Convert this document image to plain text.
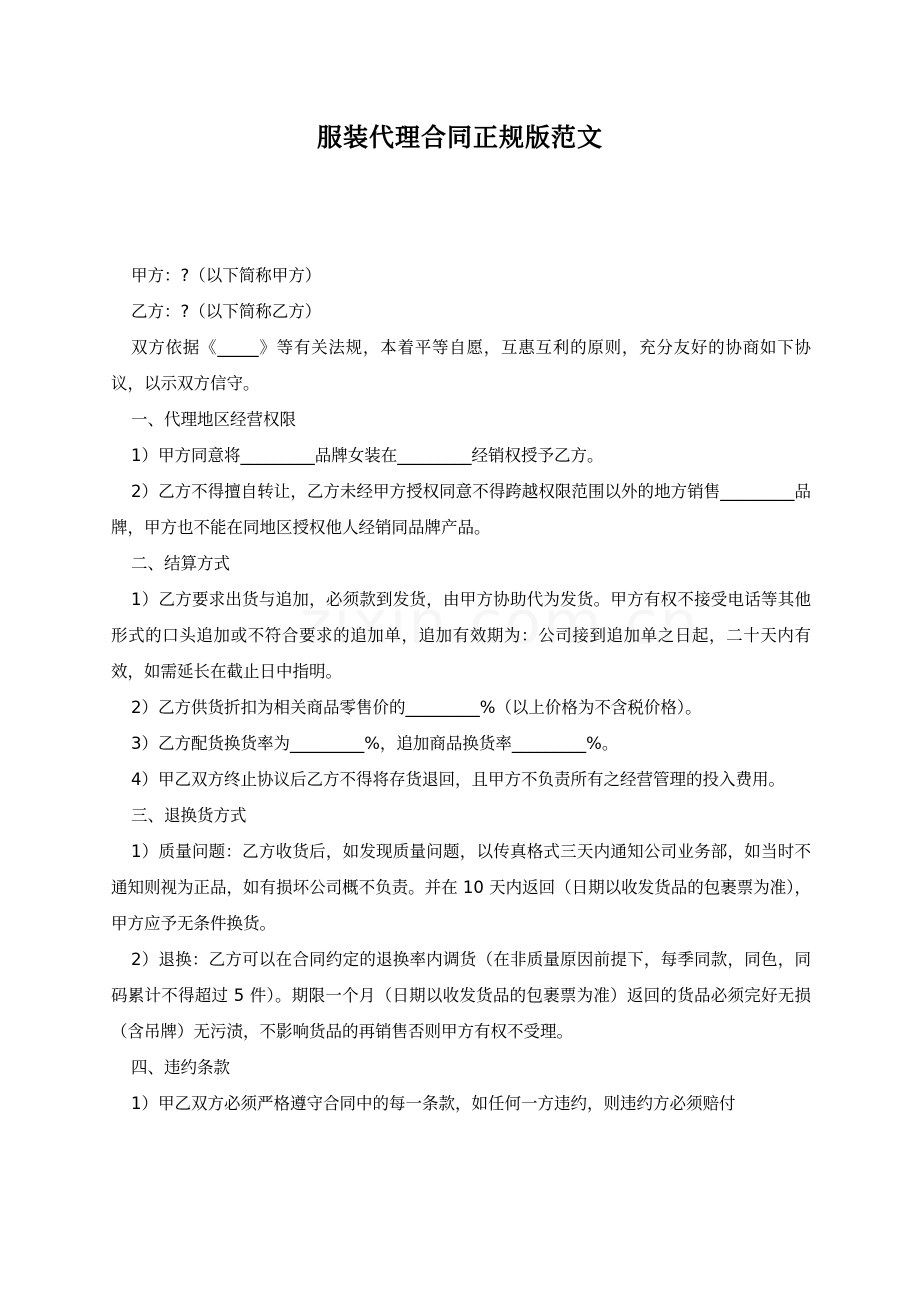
服装代理合同正规版范文

甲方：?（以下简称甲方）

乙方：?（以下简称乙方）

双方依据《_____》等有关法规，本着平等自愿，互惠互利的原则，充分友好的协商如下协议，以示双方信守。

一、代理地区经营权限

1）甲方同意将_________品牌女装在_________经销权授予乙方。

2）乙方不得擅自转让，乙方未经甲方授权同意不得跨越权限范围以外的地方销售_________品牌，甲方也不能在同地区授权他人经销同品牌产品。

二、结算方式

1）乙方要求出货与追加，必须款到发货，由甲方协助代为发货。甲方有权不接受电话等其他形式的口头追加或不符合要求的追加单，追加有效期为：公司接到追加单之日起，二十天内有效，如需延长在截止日中指明。

2）乙方供货折扣为相关商品零售价的_________%（以上价格为不含税价格）。

3）乙方配货换货率为_________%，追加商品换货率_________%。

4）甲乙双方终止协议后乙方不得将存货退回，且甲方不负责所有之经营管理的投入费用。

三、退换货方式

1）质量问题：乙方收货后，如发现质量问题，以传真格式三天内通知公司业务部，如当时不通知则视为正品，如有损坏公司概不负责。并在 10 天内返回（日期以收发货品的包裹票为准），甲方应予无条件换货。

2）退换：乙方可以在合同约定的退换率内调货（在非质量原因前提下，每季同款，同色，同码累计不得超过 5 件）。期限一个月（日期以收发货品的包裹票为准）返回的货品必须完好无损（含吊牌）无污渍，不影响货品的再销售否则甲方有权不受理。

四、违约条款

1）甲乙双方必须严格遵守合同中的每一条款，如任何一方违约，则违约方必须赔付
